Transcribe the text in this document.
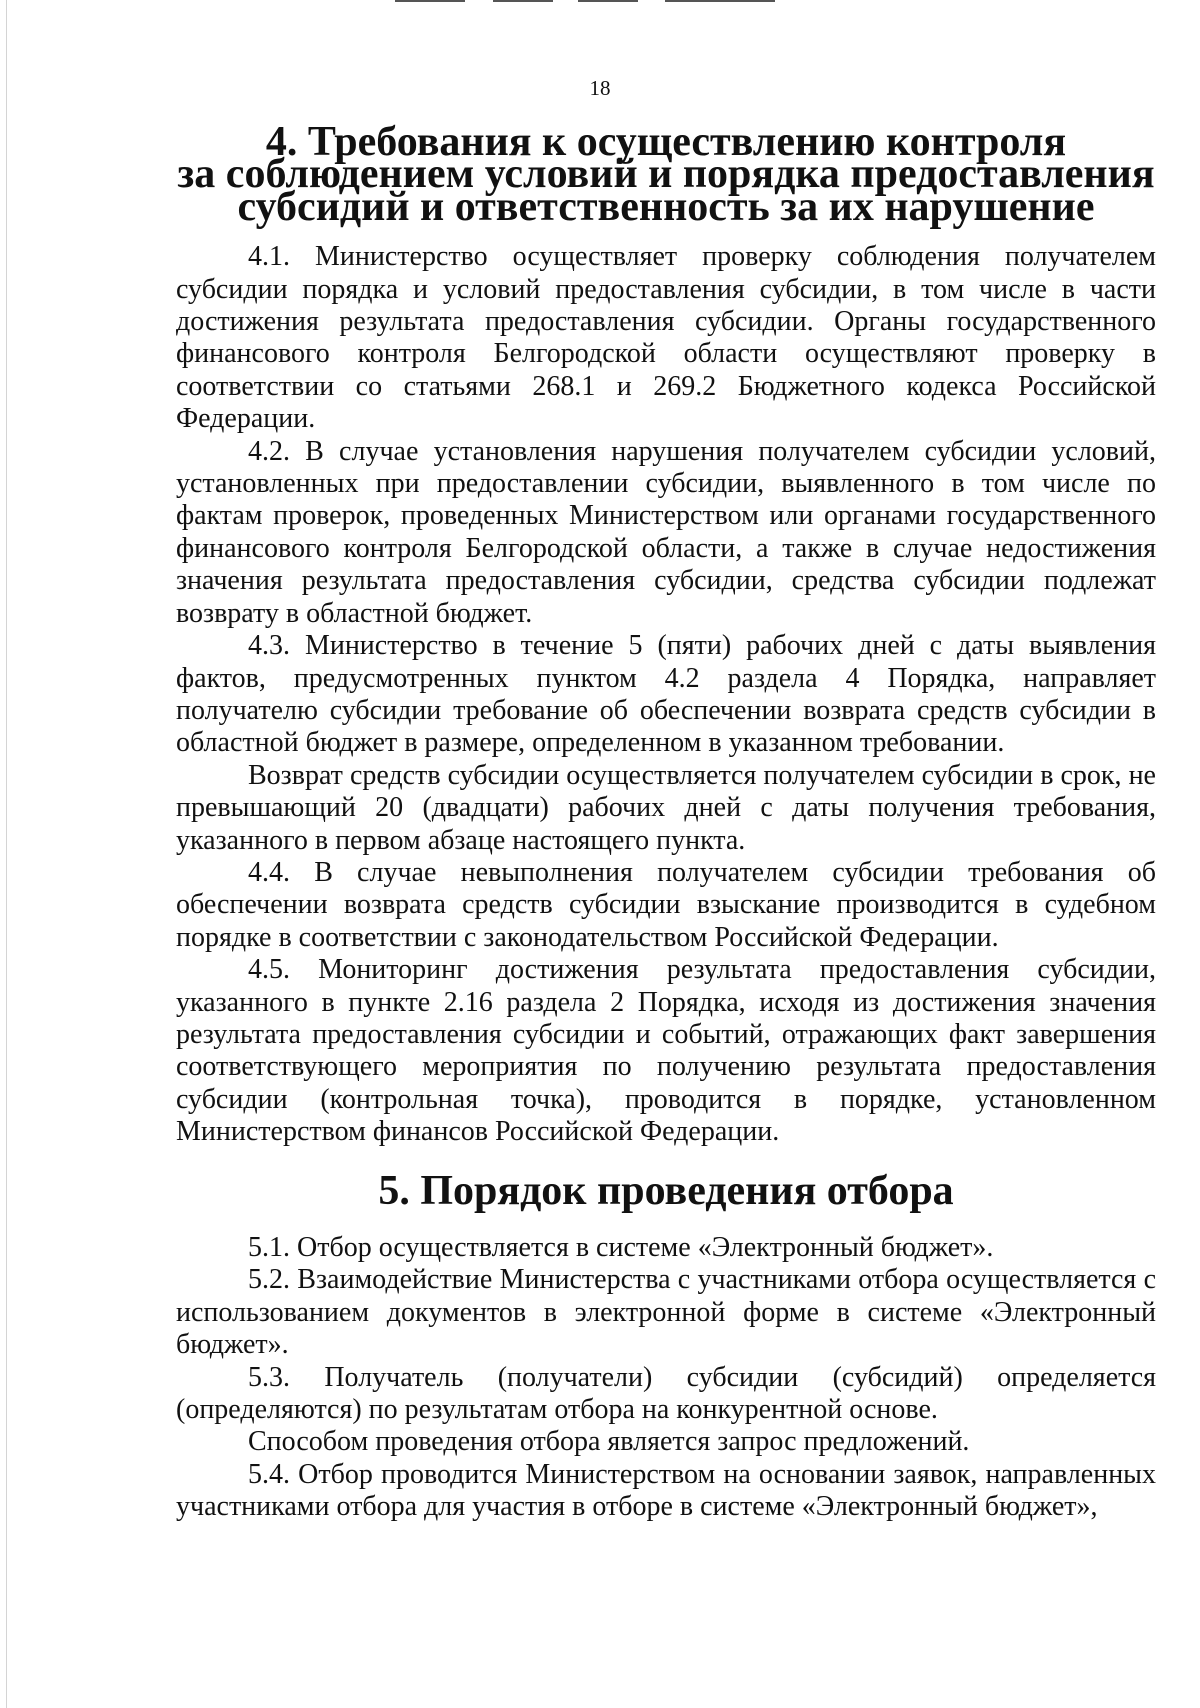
18
4. Требования к осуществлению контроля
за соблюдением условий и порядка предоставления
субсидий и ответственность за их нарушение

4.1. Министерство осуществляет проверку соблюдения получателем субсидии порядка и условий предоставления субсидии, в том числе в части достижения результата предоставления субсидии. Органы государственного финансового контроля Белгородской области осуществляют проверку в соответствии со статьями 268.1 и 269.2 Бюджетного кодекса Российской Федерации.

4.2. В случае установления нарушения получателем субсидии условий, установленных при предоставлении субсидии, выявленного в том числе по фактам проверок, проведенных Министерством или органами государственного финансового контроля Белгородской области, а также в случае недостижения значения результата предоставления субсидии, средства субсидии подлежат возврату в областной бюджет.

4.3. Министерство в течение 5 (пяти) рабочих дней с даты выявления фактов, предусмотренных пунктом 4.2 раздела 4 Порядка, направляет получателю субсидии требование об обеспечении возврата средств субсидии в областной бюджет в размере, определенном в указанном требовании.

Возврат средств субсидии осуществляется получателем субсидии в срок, не превышающий 20 (двадцати) рабочих дней с даты получения требования, указанного в первом абзаце настоящего пункта.

4.4. В случае невыполнения получателем субсидии требования об обеспечении возврата средств субсидии взыскание производится в судебном порядке в соответствии с законодательством Российской Федерации.

4.5. Мониторинг достижения результата предоставления субсидии, указанного в пункте 2.16 раздела 2 Порядка, исходя из достижения значения результата предоставления субсидии и событий, отражающих факт завершения соответствующего мероприятия по получению результата предоставления субсидии (контрольная точка), проводится в порядке, установленном Министерством финансов Российской Федерации.

5. Порядок проведения отбора

5.1. Отбор осуществляется в системе «Электронный бюджет».

5.2. Взаимодействие Министерства с участниками отбора осуществляется с использованием документов в электронной форме в системе «Электронный бюджет».

5.3. Получатель (получатели) субсидии (субсидий) определяется (определяются) по результатам отбора на конкурентной основе.

Способом проведения отбора является запрос предложений.

5.4. Отбор проводится Министерством на основании заявок, направленных участниками отбора для участия в отборе в системе «Электронный бюджет»,
